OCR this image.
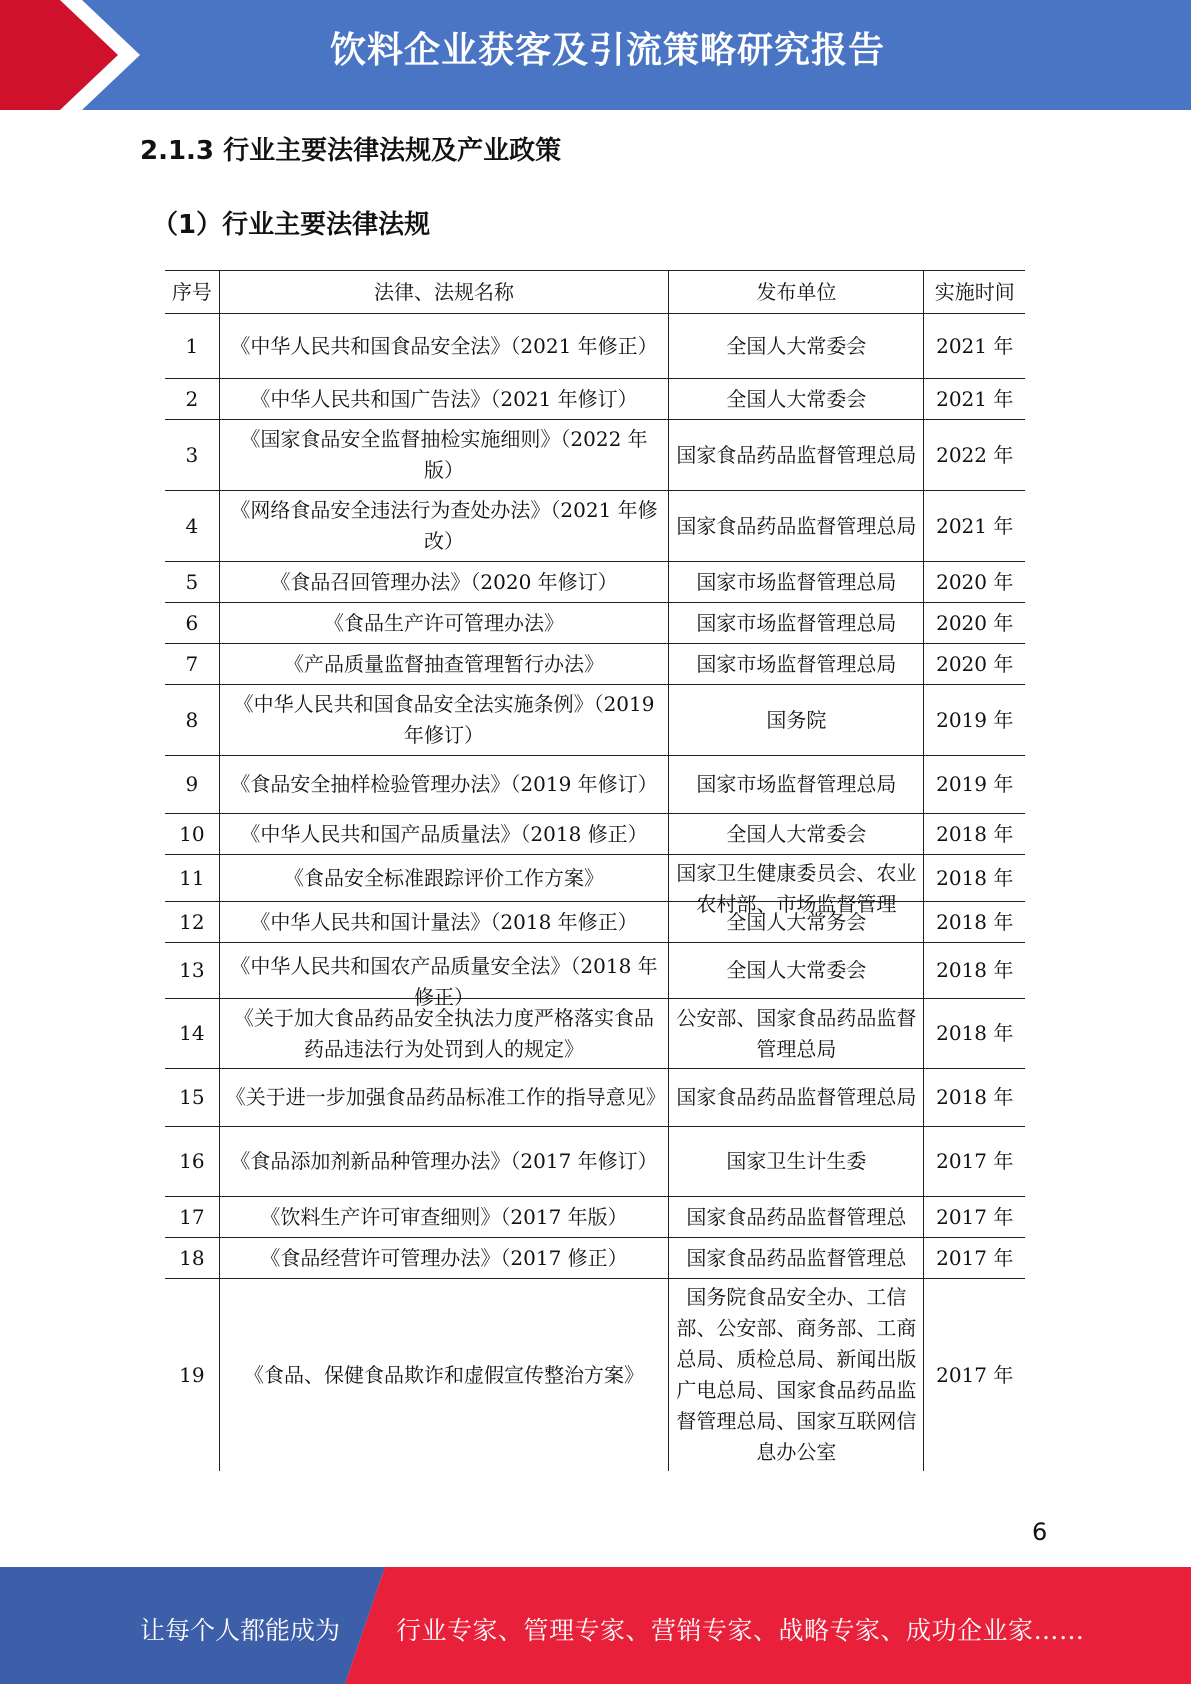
饮料企业获客及引流策略研究报告
2.1.3 行业主要法律法规及产业政策
（1）行业主要法律法规
序号	法律、法规名称	发布单位	实施时间
1	《中华人民共和国食品安全法》（2021 年修正）	全国人大常委会	2021 年
2	《中华人民共和国广告法》（2021 年修订）	全国人大常委会	2021 年
3	《国家食品安全监督抽检实施细则》（2022 年版）	国家食品药品监督管理总局	2022 年
4	《网络食品安全违法行为查处办法》（2021 年修改）	国家食品药品监督管理总局	2021 年
5	《食品召回管理办法》（2020 年修订）	国家市场监督管理总局	2020 年
6	《食品生产许可管理办法》	国家市场监督管理总局	2020 年
7	《产品质量监督抽查管理暂行办法》	国家市场监督管理总局	2020 年
8	《中华人民共和国食品安全法实施条例》（2019 年修订）	国务院	2019 年
9	《食品安全抽样检验管理办法》（2019 年修订）	国家市场监督管理总局	2019 年
10	《中华人民共和国产品质量法》（2018 修正）	全国人大常委会	2018 年
11	《食品安全标准跟踪评价工作方案》	国家卫生健康委员会、农业农村部、市场监督管理	2018 年
12	《中华人民共和国计量法》（2018 年修正）	全国人大常务会	2018 年
13	《中华人民共和国农产品质量安全法》（2018 年修正）	全国人大常委会	2018 年
14	《关于加大食品药品安全执法力度严格落实食品药品违法行为处罚到人的规定》	公安部、国家食品药品监督管理总局	2018 年
15	《关于进一步加强食品药品标准工作的指导意见》	国家食品药品监督管理总局	2018 年
16	《食品添加剂新品种管理办法》（2017 年修订）	国家卫生计生委	2017 年
17	《饮料生产许可审查细则》（2017 年版）	国家食品药品监督管理总	2017 年
18	《食品经营许可管理办法》（2017 修正）	国家食品药品监督管理总	2017 年
19	《食品、保健食品欺诈和虚假宣传整治方案》	国务院食品安全办、工信部、公安部、商务部、工商总局、质检总局、新闻出版广电总局、国家食品药品监督管理总局、国家互联网信息办公室	2017 年
6
让每个人都能成为 行业专家、管理专家、营销专家、战略专家、成功企业家……
